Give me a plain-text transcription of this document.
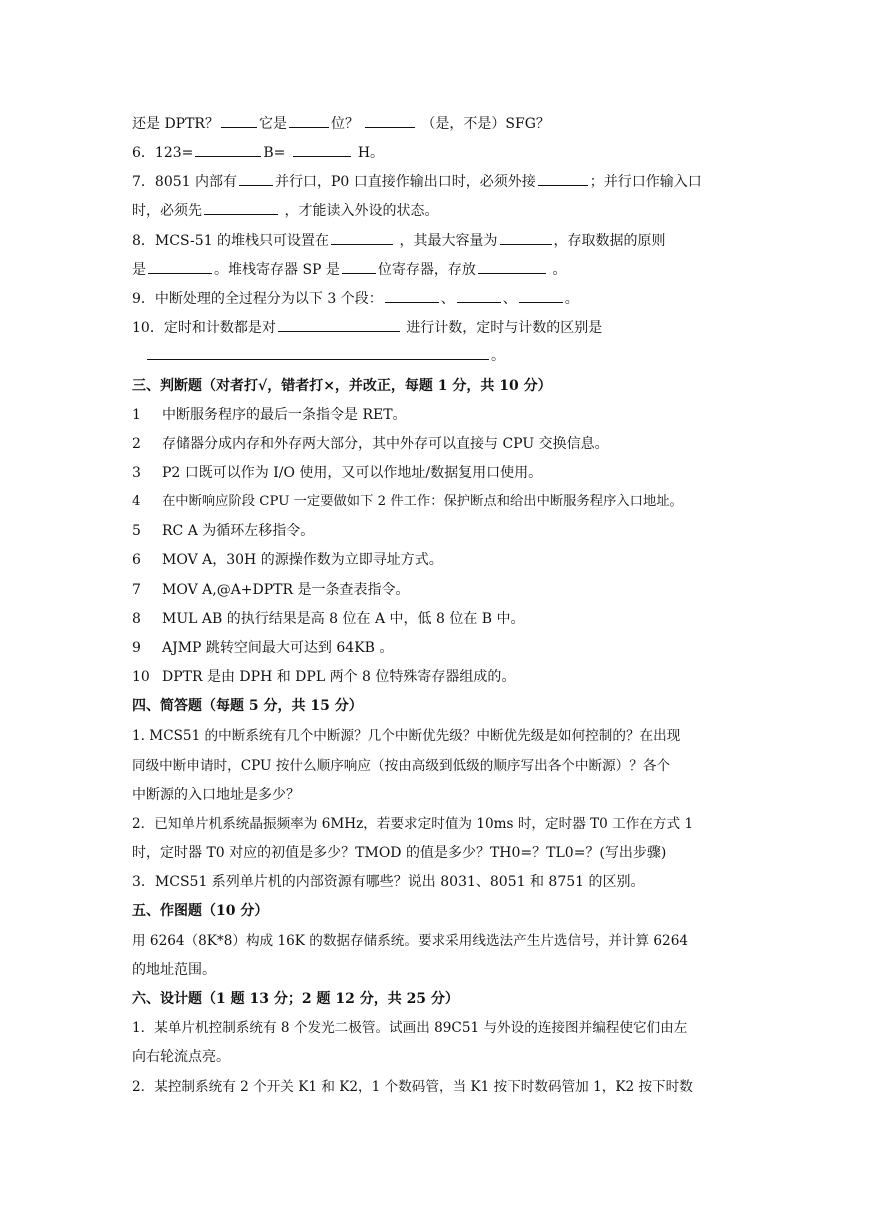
还是 DPTR？	它是	位？	（是，不是）SFG？
6．123=	B=	H。
7．8051 内部有	并行口，P0 口直接作输出口时，必须外接	；并行口作输入口
时，必须先	，才能读入外设的状态。
8．MCS-51 的堆栈只可设置在	，其最大容量为	，存取数据的原则
是	。堆栈寄存器 SP 是	位寄存器，存放	。
9．中断处理的全过程分为以下 3 个段：	、	、	。
10．定时和计数都是对	进行计数，定时与计数的区别是
。
三、判断题（对者打√，错者打×，并改正，每题 1 分，共 10 分）
1 中断服务程序的最后一条指令是 RET。
2 存储器分成内存和外存两大部分，其中外存可以直接与 CPU 交换信息。
3 P2 口既可以作为 I/O 使用，又可以作地址/数据复用口使用。
4 在中断响应阶段 CPU 一定要做如下 2 件工作：保护断点和给出中断服务程序入口地址。
5 RC A 为循环左移指令。
6 MOV A，30H 的源操作数为立即寻址方式。
7 MOV A,@A+DPTR 是一条查表指令。
8 MUL AB 的执行结果是高 8 位在 A 中，低 8 位在 B 中。
9 AJMP 跳转空间最大可达到 64KB 。
10 DPTR 是由 DPH 和 DPL 两个 8 位特殊寄存器组成的。
四、简答题（每题 5 分，共 15 分）
1. MCS51 的中断系统有几个中断源？几个中断优先级？中断优先级是如何控制的？在出现
同级中断申请时，CPU 按什么顺序响应（按由高级到低级的顺序写出各个中断源）？各个
中断源的入口地址是多少？
2．已知单片机系统晶振频率为 6MHz，若要求定时值为 10ms 时，定时器 T0 工作在方式 1
时，定时器 T0 对应的初值是多少？TMOD 的值是多少？TH0=？TL0=？(写出步骤)
3．MCS51 系列单片机的内部资源有哪些？说出 8031、8051 和 8751 的区别。
五、作图题（10 分）
用 6264（8K*8）构成 16K 的数据存储系统。要求采用线选法产生片选信号，并计算 6264
的地址范围。
六、设计题（1 题 13 分；2 题 12 分，共 25 分）
1．某单片机控制系统有 8 个发光二极管。试画出 89C51 与外设的连接图并编程使它们由左
向右轮流点亮。
2．某控制系统有 2 个开关 K1 和 K2，1 个数码管，当 K1 按下时数码管加 1，K2 按下时数
